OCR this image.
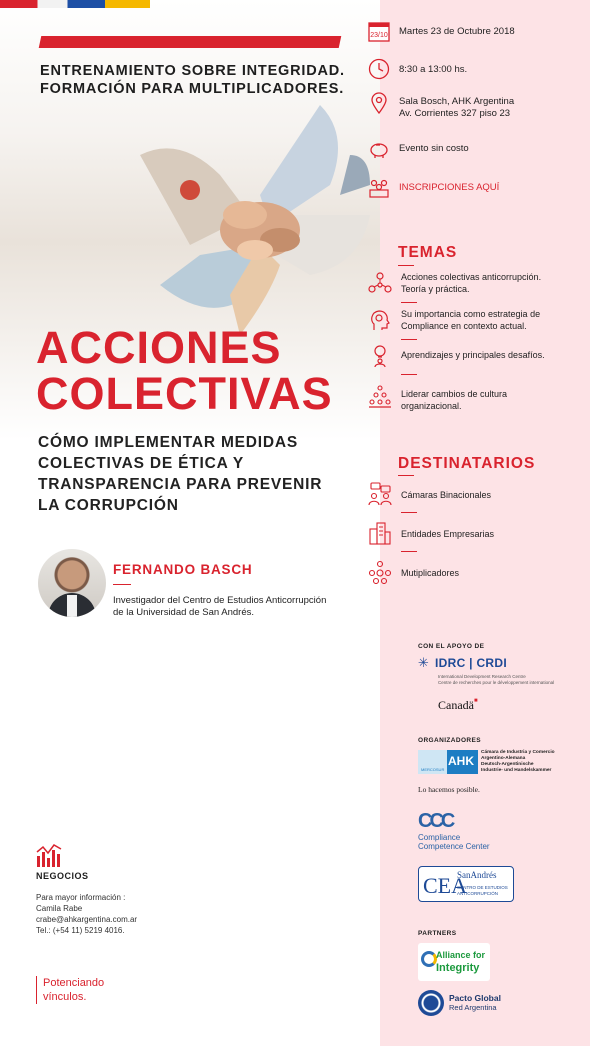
ENTRENAMIENTO SOBRE INTEGRIDAD.
FORMACIÓN PARA MULTIPLICADORES.
ACCIONES
COLECTIVAS
CÓMO IMPLEMENTAR MEDIDAS
COLECTIVAS DE ÉTICA Y
TRANSPARENCIA PARA PREVENIR
LA CORRUPCIÓN
FERNANDO BASCH
Investigador del Centro de Estudios Anticorrupción
de la Universidad de San Andrés.
NEGOCIOS
Para mayor información :
Camila Rabe
crabe@ahkargentina.com.ar
Tel.: (+54 11) 5219 4016.
Potenciando
vínculos.
23/10 Martes 23 de Octubre 2018
8:30 a 13:00 hs.
Sala Bosch, AHK Argentina
Av. Corrientes 327 piso 23
Evento sin costo
INSCRIPCIONES AQUÍ
TEMAS
Acciones colectivas anticorrupción.
Teoría y práctica.
Su importancia como estrategia de
Compliance en contexto actual.
Aprendizajes y principales desafíos.
Liderar cambios de cultura
organizacional.
DESTINATARIOS
Cámaras Binacionales
Entidades Empresarias
Mutiplicadores
CON EL APOYO DE
✳ IDRC | CRDI
International Development Research Centre
Centre de recherches pour le développement international
Canadä■
ORGANIZADORES
MERCOSUR
AHK
Cámara de Industria y Comercio
Argentino-Alemana
Deutsch-Argentinische
Industrie- und Handelskammer
Lo hacemos posible.
CCC
Compliance
Competence Center
CEA
SanAndrés
CENTRO DE ESTUDIOS
ANTICORRUPCIÓN
PARTNERS
Alliance for
Integrity
Pacto Global
Red Argentina
